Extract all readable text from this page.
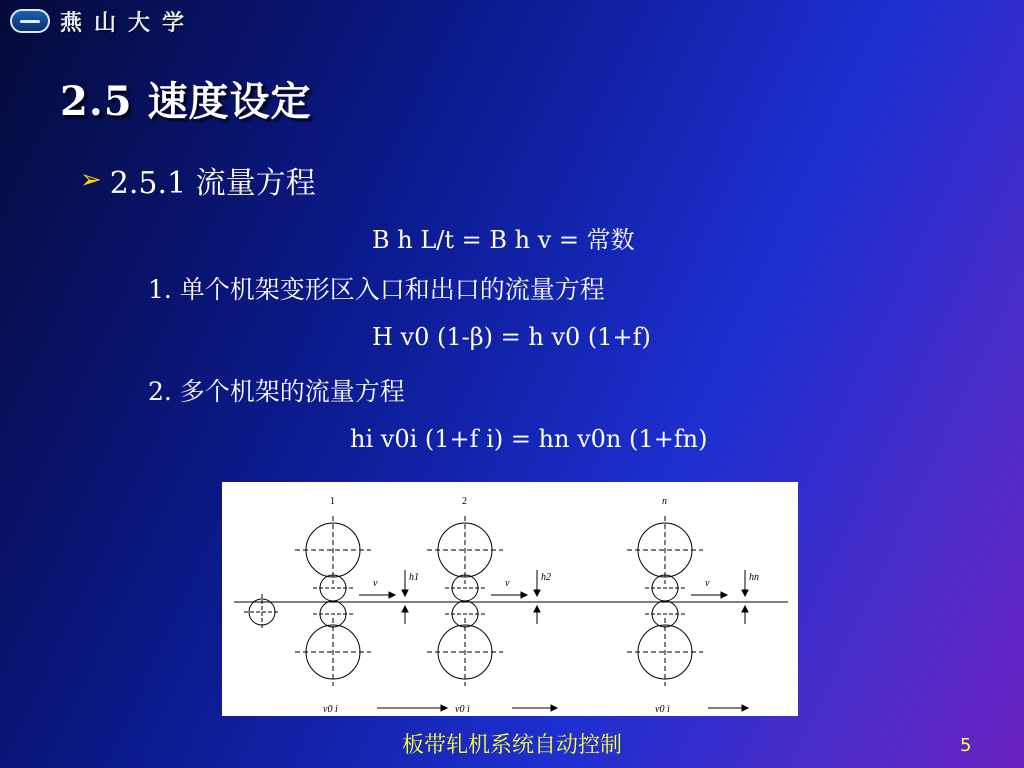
燕山大学
2.5 速度设定
➢ 2.5.1 流量方程
B h L/t = B h v = 常数
1. 单个机架变形区入口和出口的流量方程
H v0 (1-β) = h v0 (1+f)
2. 多个机架的流量方程
hi v0i (1+f i) = hn v0n (1+fn)
1
v
h1
v0 i
2
v
h2
v0 i
n
v
hn
v0 i
板带轧机系统自动控制	5
